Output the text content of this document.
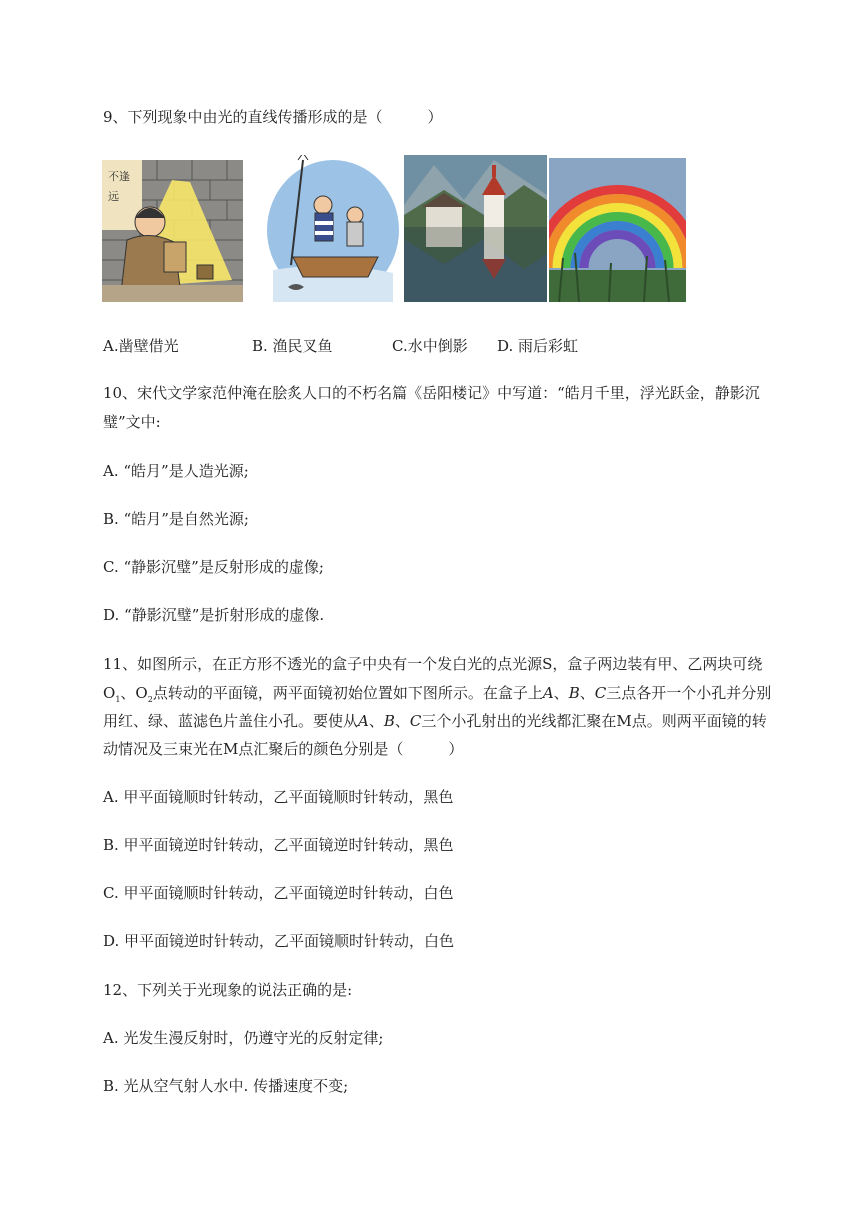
9、下列现象中由光的直线传播形成的是（　　　）
不逢
远
A.凿壁借光	B. 渔民叉鱼	C.水中倒影 D. 雨后彩虹
10、宋代文学家范仲淹在脍炙人口的不朽名篇《岳阳楼记》中写道：“皓月千里，浮光跃金，静影沉
璧”文中:
A. “皓月”是人造光源;
B. “皓月”是自然光源;
C. “静影沉璧”是反射形成的虚像;
D. “静影沉璧”是折射形成的虚像.
11、如图所示，在正方形不透光的盒子中央有一个发白光的点光源S，盒子两边装有甲、乙两块可绕
$O_1$、$O_2$点转动的平面镜，两平面镜初始位置如下图所示。在盒子上A、B、C三点各开一个小孔并分别
用红、绿、蓝滤色片盖住小孔。要使从A、B、C三个小孔射出的光线都汇聚在M点。则两平面镜的转
动情况及三束光在M点汇聚后的颜色分别是（　　　）
A. 甲平面镜顺时针转动，乙平面镜顺时针转动，黑色
B. 甲平面镜逆时针转动，乙平面镜逆时针转动，黑色
C. 甲平面镜顺时针转动，乙平面镜逆时针转动，白色
D. 甲平面镜逆时针转动，乙平面镜顺时针转动，白色
12、下列关于光现象的说法正确的是:
A. 光发生漫反射时，仍遵守光的反射定律;
B. 光从空气射人水中. 传播速度不变;
